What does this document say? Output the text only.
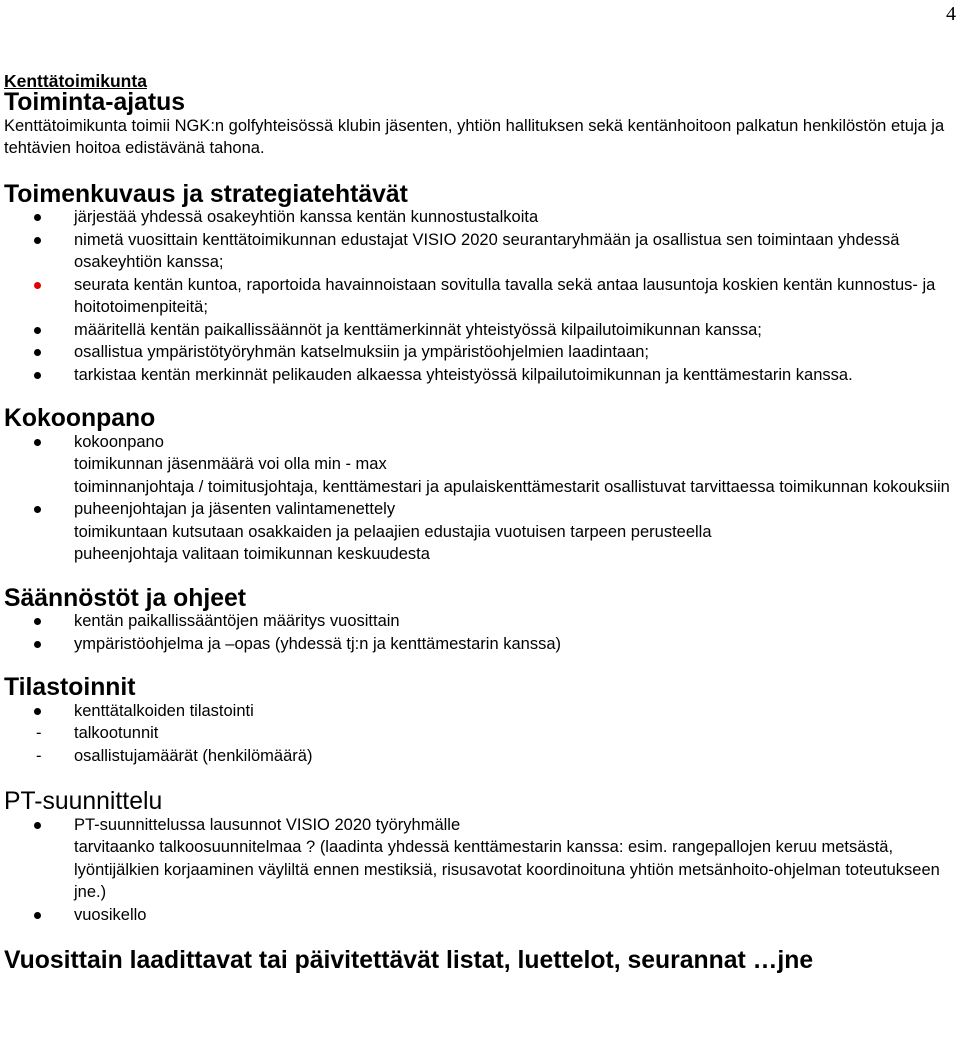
4
Kenttätoimikunta
Toiminta-ajatus

Kenttätoimikunta toimii NGK:n golfyhteisössä klubin jäsenten, yhtiön hallituksen sekä kentänhoitoon palkatun henkilöstön etuja ja tehtävien hoitoa edistävänä tahona.

Toimenkuvaus ja strategiatehtävät
järjestää yhdessä osakeyhtiön kanssa kentän kunnostustalkoita
nimetä vuosittain kenttätoimikunnan edustajat VISIO 2020 seurantaryhmään ja osallistua sen toimintaan yhdessä osakeyhtiön kanssa;
seurata kentän kuntoa, raportoida havainnoistaan sovitulla tavalla sekä antaa lausuntoja koskien kentän kunnostus- ja hoitotoimenpiteitä;
määritellä kentän paikallissäännöt ja kenttämerkinnät yhteistyössä kilpailutoimikunnan kanssa;
osallistua ympäristötyöryhmän katselmuksiin ja ympäristöohjelmien laadintaan;
tarkistaa kentän merkinnät pelikauden alkaessa yhteistyössä kilpailutoimikunnan ja kenttämestarin kanssa.
Kokoonpano
kokoonpano
toimikunnan jäsenmäärä voi olla min - max
toiminnanjohtaja / toimitusjohtaja, kenttämestari ja apulaiskenttämestarit osallistuvat tarvittaessa toimikunnan kokouksiin
puheenjohtajan ja jäsenten valintamenettely
toimikuntaan kutsutaan osakkaiden ja pelaajien edustajia vuotuisen tarpeen perusteella
puheenjohtaja valitaan toimikunnan keskuudesta
Säännöstöt ja ohjeet
kentän paikallissääntöjen määritys vuosittain
ympäristöohjelma ja –opas (yhdessä tj:n ja kenttämestarin kanssa)
Tilastoinnit
kenttätalkoiden tilastointi
- talkootunnit
- osallistujamäärät (henkilömäärä)
PT-suunnittelu
PT-suunnittelussa lausunnot VISIO 2020 työryhmälle
tarvitaanko talkoosuunnitelmaa ? (laadinta yhdessä kenttämestarin kanssa: esim. rangepallojen keruu metsästä, lyöntijälkien korjaaminen väyliltä ennen mestiksiä, risusavotat koordinoituna yhtiön metsänhoito-ohjelman toteutukseen jne.)
vuosikello
Vuosittain laadittavat tai päivitettävät listat, luettelot, seurannat …jne
